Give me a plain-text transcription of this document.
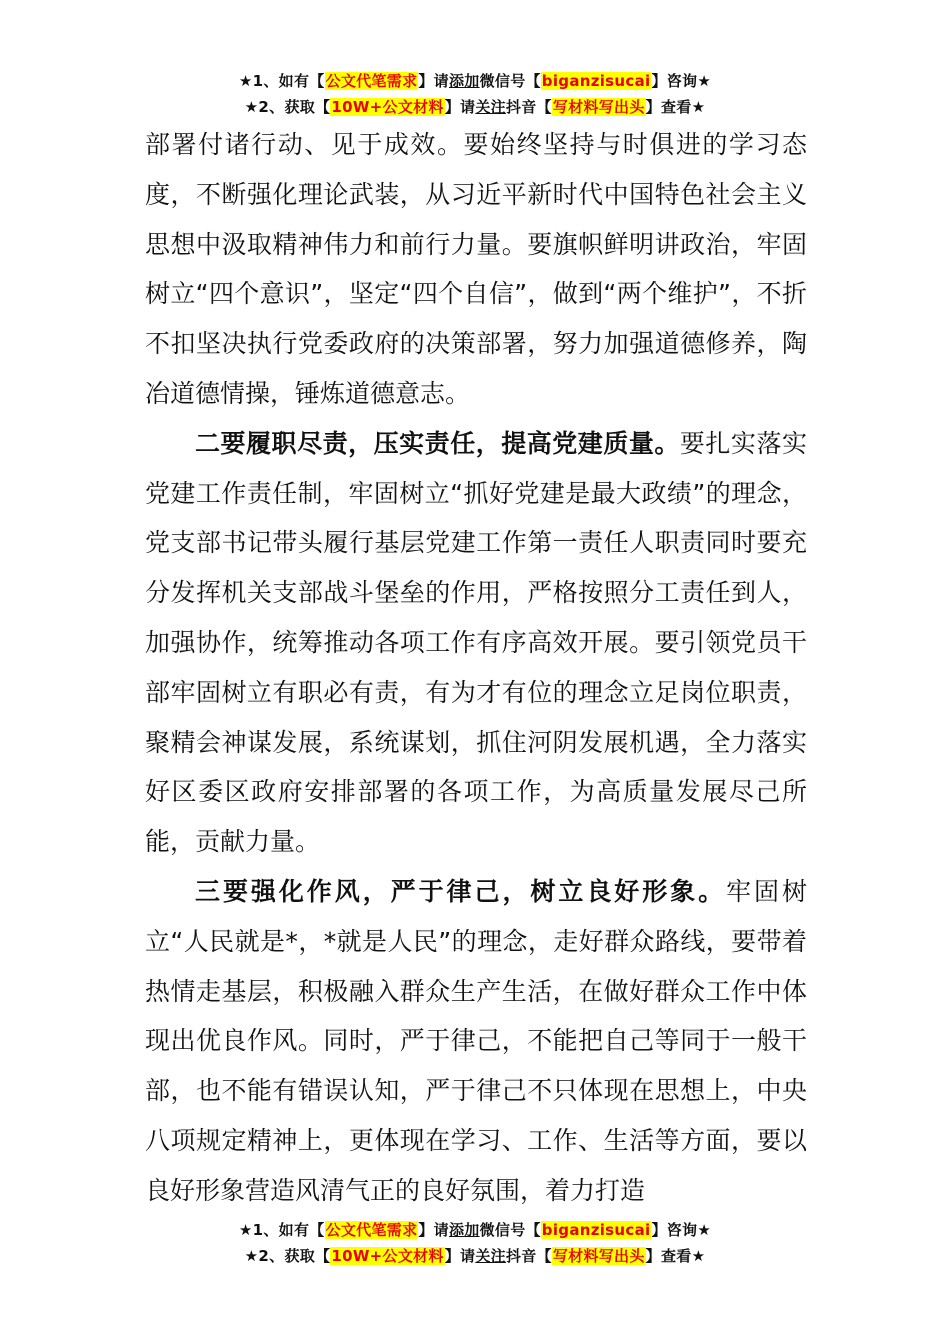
★1、如有【公文代笔需求】请添加微信号【biganzisucai】咨询★
★2、获取【10W+公文材料】请关注抖音【写材料写出头】查看★

部署付诸行动、见于成效。要始终坚持与时俱进的学习态度，不断强化理论武装，从习近平新时代中国特色社会主义思想中汲取精神伟力和前行力量。要旗帜鲜明讲政治，牢固树立“四个意识”，坚定“四个自信”，做到“两个维护”，不折不扣坚决执行党委政府的决策部署，努力加强道德修养，陶冶道德情操，锤炼道德意志。

二要履职尽责，压实责任，提高党建质量。要扎实落实党建工作责任制，牢固树立“抓好党建是最大政绩”的理念，党支部书记带头履行基层党建工作第一责任人职责同时要充分发挥机关支部战斗堡垒的作用，严格按照分工责任到人，加强协作，统筹推动各项工作有序高效开展。要引领党员干部牢固树立有职必有责，有为才有位的理念立足岗位职责，聚精会神谋发展，系统谋划，抓住河阴发展机遇，全力落实好区委区政府安排部署的各项工作，为高质量发展尽己所能，贡献力量。

三要强化作风，严于律己，树立良好形象。牢固树立“人民就是*，*就是人民”的理念，走好群众路线，要带着热情走基层，积极融入群众生产生活，在做好群众工作中体现出优良作风。同时，严于律己，不能把自己等同于一般干部，也不能有错误认知，严于律己不只体现在思想上，中央八项规定精神上，更体现在学习、工作、生活等方面，要以良好形象营造风清气正的良好氛围，着力打造

★1、如有【公文代笔需求】请添加微信号【biganzisucai】咨询★
★2、获取【10W+公文材料】请关注抖音【写材料写出头】查看★
